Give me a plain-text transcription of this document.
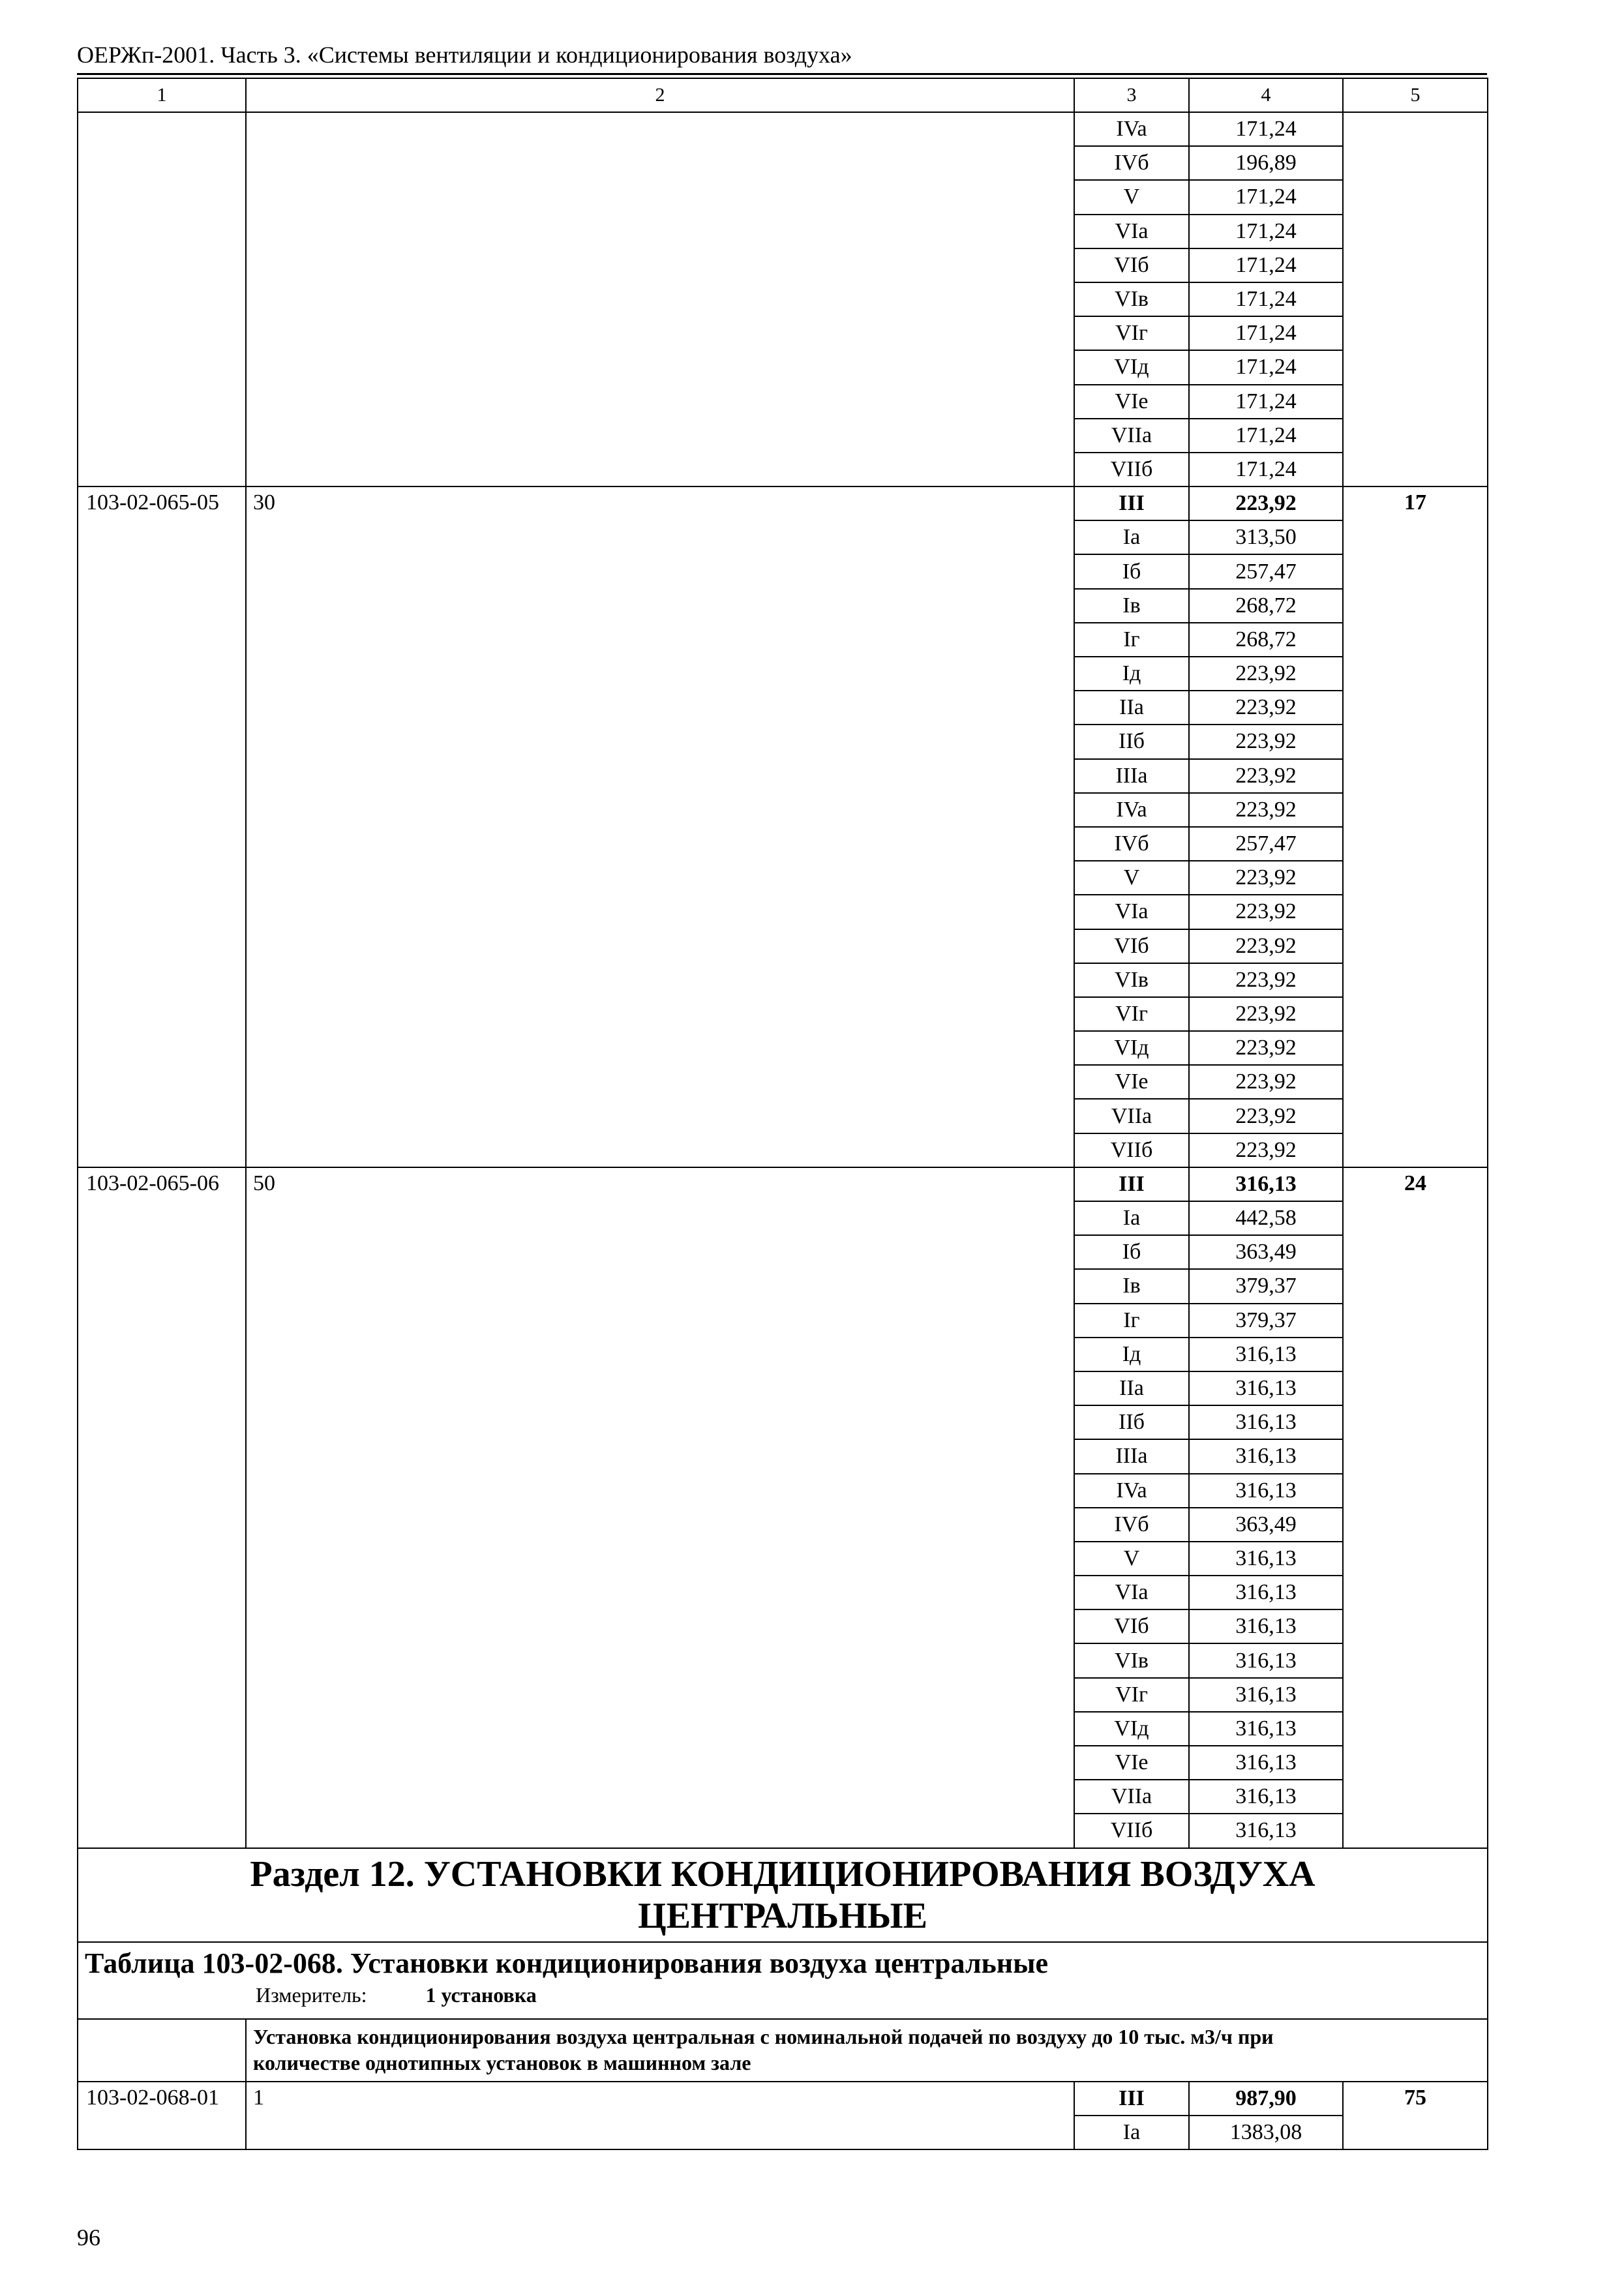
ОЕРЖп-2001. Часть 3. «Системы вентиляции и кондиционирования воздуха»
1	2	3	4	5
		IVa	171,24	
		IVб	196,89	
		V	171,24	
		VIa	171,24	
		VIб	171,24	
		VIв	171,24	
		VIг	171,24	
		VIд	171,24	
		VIе	171,24	
		VIIa	171,24	
		VIIб	171,24	
103-02-065-05	30	III	223,92	17
		Ia	313,50	
		Iб	257,47	
		Iв	268,72	
		Iг	268,72	
		Iд	223,92	
		IIa	223,92	
		IIб	223,92	
		IIIa	223,92	
		IVa	223,92	
		IVб	257,47	
		V	223,92	
		VIa	223,92	
		VIб	223,92	
		VIв	223,92	
		VIг	223,92	
		VIд	223,92	
		VIе	223,92	
		VIIa	223,92	
		VIIб	223,92	
103-02-065-06	50	III	316,13	24
		Ia	442,58	
		Iб	363,49	
		Iв	379,37	
		Iг	379,37	
		Iд	316,13	
		IIa	316,13	
		IIб	316,13	
		IIIa	316,13	
		IVa	316,13	
		IVб	363,49	
		V	316,13	
		VIa	316,13	
		VIб	316,13	
		VIв	316,13	
		VIг	316,13	
		VIд	316,13	
		VIе	316,13	
		VIIa	316,13	
		VIIб	316,13	

Раздел 12. УСТАНОВКИ КОНДИЦИОНИРОВАНИЯ ВОЗДУХА
ЦЕНТРАЛЬНЫЕ				

Таблица 103-02-068. Установки кондиционирования воздуха центральные
Измеритель: 1 установка				

	Установка кондиционирования воздуха центральная с номинальной подачей по воздуху до 10 тыс. м3/ч при
количестве однотипных установок в машинном зале			

103-02-068-01	1	III	987,90	75
		Ia	1383,08	
96
